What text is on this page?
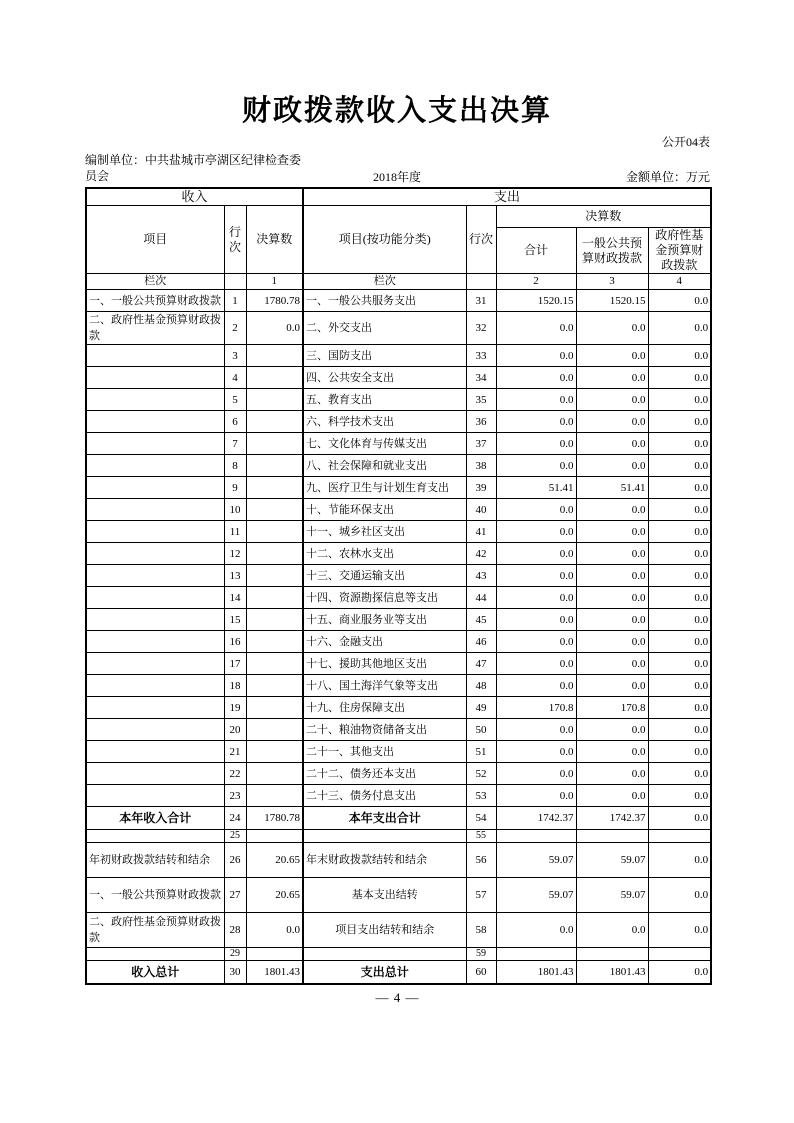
财政拨款收入支出决算
公开04表
编制单位：中共盐城市亭湖区纪律检查委员会	2018年度	金额单位：万元
收入			支出				
项目	行次	决算数	项目(按功能分类)	行次	决算数		
					合计	一般公共预算财政拨款	政府性基金预算财政拨款
栏次		1	栏次		2	3	4
一、一般公共预算财政拨款	1	1780.78	一、一般公共服务支出	31	1520.15	1520.15	0.0
二、政府性基金预算财政拨款	2	0.0	二、外交支出	32	0.0	0.0	0.0
	3		三、国防支出	33	0.0	0.0	0.0
	4		四、公共安全支出	34	0.0	0.0	0.0
	5		五、教育支出	35	0.0	0.0	0.0
	6		六、科学技术支出	36	0.0	0.0	0.0
	7		七、文化体育与传媒支出	37	0.0	0.0	0.0
	8		八、社会保障和就业支出	38	0.0	0.0	0.0
	9		九、医疗卫生与计划生育支出	39	51.41	51.41	0.0
	10		十、节能环保支出	40	0.0	0.0	0.0
	11		十一、城乡社区支出	41	0.0	0.0	0.0
	12		十二、农林水支出	42	0.0	0.0	0.0
	13		十三、交通运输支出	43	0.0	0.0	0.0
	14		十四、资源勘探信息等支出	44	0.0	0.0	0.0
	15		十五、商业服务业等支出	45	0.0	0.0	0.0
	16		十六、金融支出	46	0.0	0.0	0.0
	17		十七、援助其他地区支出	47	0.0	0.0	0.0
	18		十八、国土海洋气象等支出	48	0.0	0.0	0.0
	19		十九、住房保障支出	49	170.8	170.8	0.0
	20		二十、粮油物资储备支出	50	0.0	0.0	0.0
	21		二十一、其他支出	51	0.0	0.0	0.0
	22		二十二、债务还本支出	52	0.0	0.0	0.0
	23		二十三、债务付息支出	53	0.0	0.0	0.0
本年收入合计	24	1780.78	本年支出合计	54	1742.37	1742.37	0.0
	25			55			
年初财政拨款结转和结余	26	20.65	年末财政拨款结转和结余	56	59.07	59.07	0.0
一、一般公共预算财政拨款	27	20.65	基本支出结转	57	59.07	59.07	0.0
二、政府性基金预算财政拨款	28	0.0	项目支出结转和结余	58	0.0	0.0	0.0
	29			59			
收入总计	30	1801.43	支出总计	60	1801.43	1801.43	0.0
— 4 —
